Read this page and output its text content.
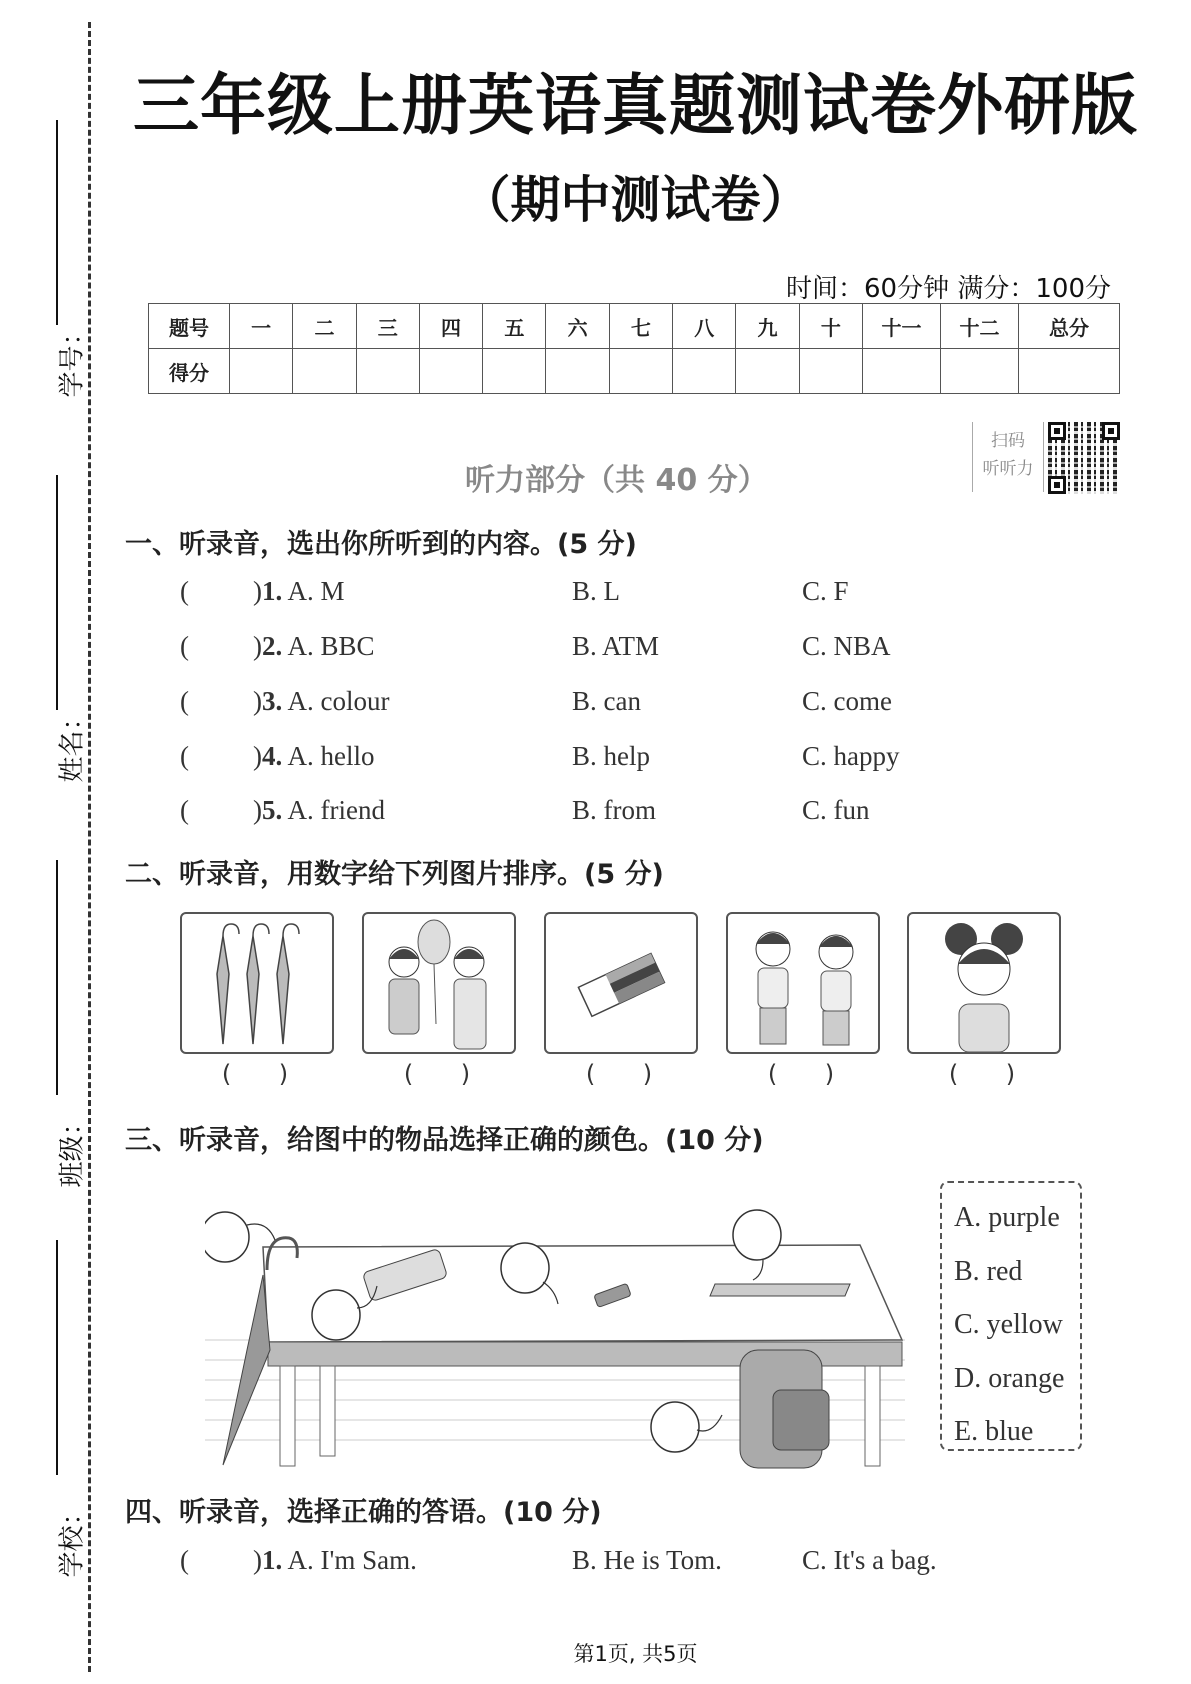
学号：
姓名：
班级：
学校：
三年级上册英语真题测试卷外研版
（期中测试卷）
时间：60分钟 满分：100分
题号	一	二	三	四	五	六	七	八	九	十	十一	十二	总分
得分													
听力部分（共 40 分）
扫码
听听力
一、听录音，选出你所听到的内容。(5 分)
( )1. A. M	B. L	C. F
( )2. A. BBC	B. ATM	C. NBA
( )3. A. colour	B. can	C. come
( )4. A. hello	B. help	C. happy
( )5. A. friend	B. from	C. fun
二、听录音，用数字给下列图片排序。(5 分)
( )	( )	( )	( )	( )
三、听录音，给图中的物品选择正确的颜色。(10 分)
A. purple
B. red
C. yellow
D. orange
E. blue
四、听录音，选择正确的答语。(10 分)
( )1. A. I'm Sam.	B. He is Tom.	C. It's a bag.
第1页, 共5页
